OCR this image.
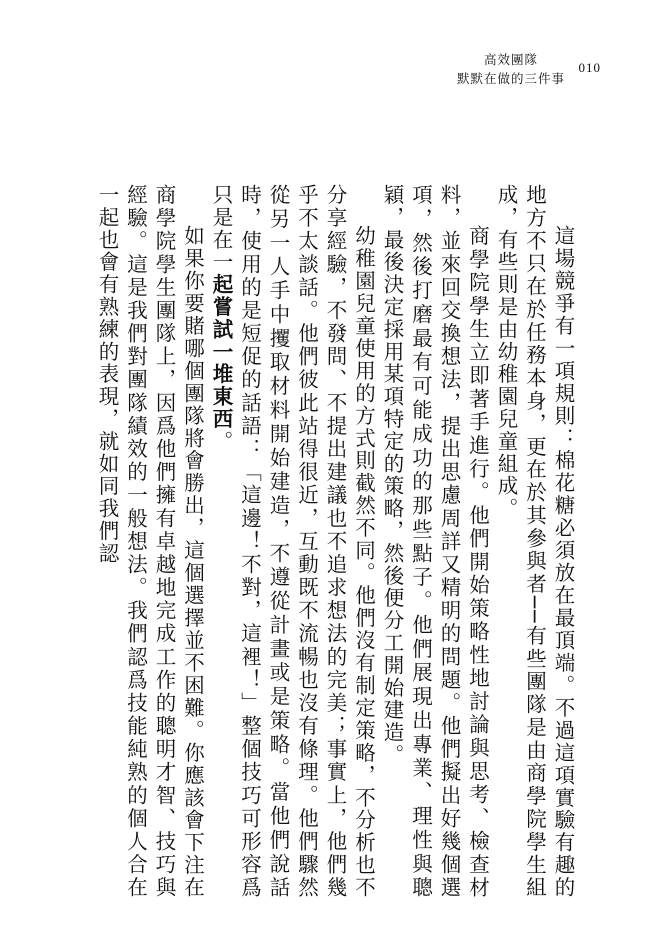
高效團隊
默默在做的三件事
010

這場競爭有一項規則：棉花糖必須放在最頂端。不過這項實驗有趣的地方不只在於任務本身，更在於其參與者──有些團隊是由商學院學生組成，有些則是由幼稚園兒童組成。

商學院學生立即著手進行。他們開始策略性地討論與思考、檢查材料，並來回交換想法，提出思慮周詳又精明的問題。他們擬出好幾個選項，然後打磨最有可能成功的那些點子。他們展現出專業、理性與聰穎，最後決定採用某項特定的策略，然後便分工開始建造。

幼稚園兒童使用的方式則截然不同。他們沒有制定策略，不分析也不分享經驗，不發問、不提出建議也不追求想法的完美；事實上，他們幾乎不太談話。他們彼此站得很近，互動既不流暢也沒有條理。他們驟然從另一人手中攫取材料開始建造，不遵從計畫或是策略。當他們說話時，使用的是短促的話語：「這邊！不對，這裡！」整個技巧可形容爲只是在一起嘗試一堆東西。

如果你要賭哪個團隊將會勝出，這個選擇並不困難。你應該會下注在商學院學生團隊上，因爲他們擁有卓越地完成工作的聰明才智、技巧與經驗。這是我們對團隊績效的一般想法。我們認爲技能純熟的個人合在一起也會有熟練的表現，就如同我們認
